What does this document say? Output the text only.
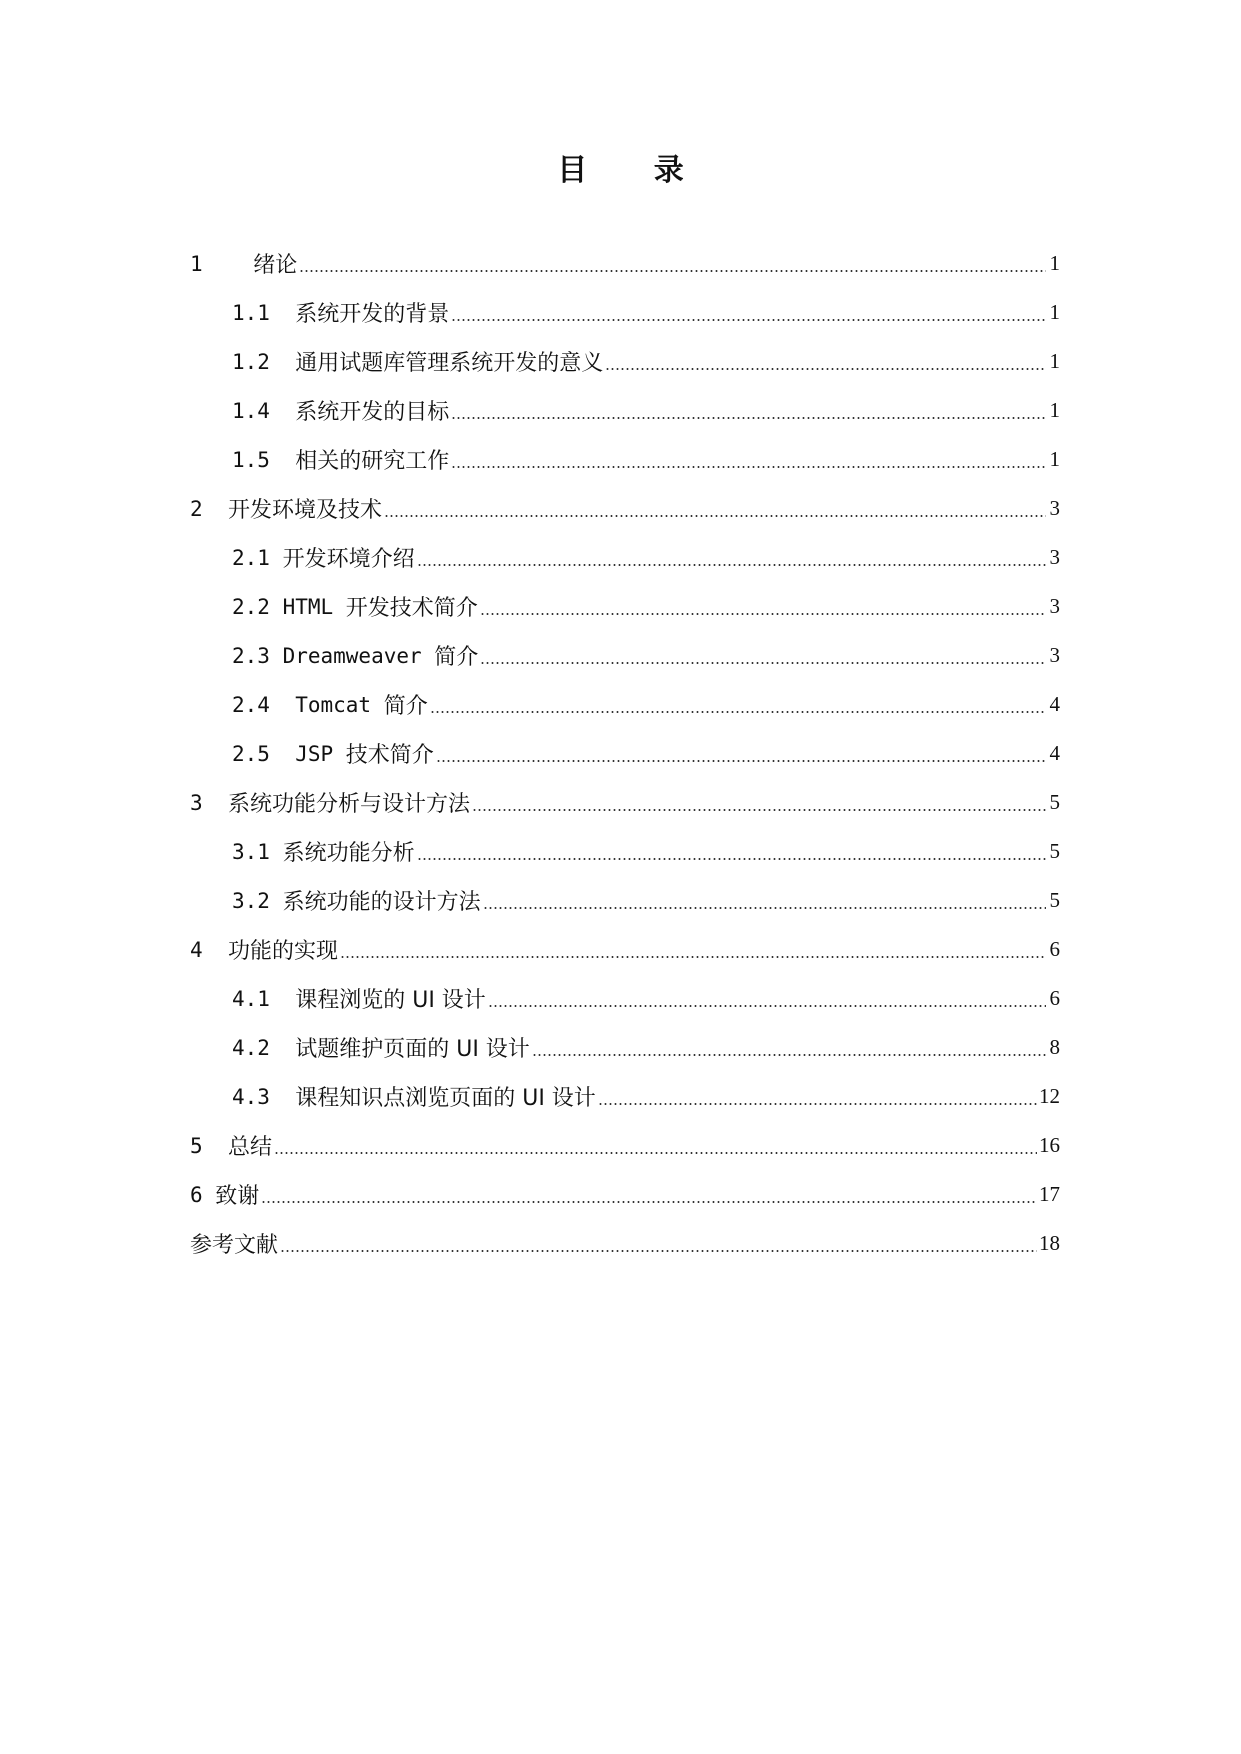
目 录
1 绪论	1
1.1 系统开发的背景	1
1.2 通用试题库管理系统开发的意义	1
1.4 系统开发的目标	1
1.5 相关的研究工作	1
2 开发环境及技术	3
2.1 开发环境介绍	3
2.2 HTML 开发技术简介	3
2.3 Dreamweaver 简介	3
2.4  Tomcat 简介	4
2.5  JSP 技术简介	4
3 系统功能分析与设计方法	5
3.1 系统功能分析	5
3.2 系统功能的设计方法	5
4 功能的实现	6
4.1 课程浏览的 UI 设计	6
4.2 试题维护页面的 UI 设计	8
4.3 课程知识点浏览页面的 UI 设计	12
5 总结	16
6 致谢	17
参考文献	18
